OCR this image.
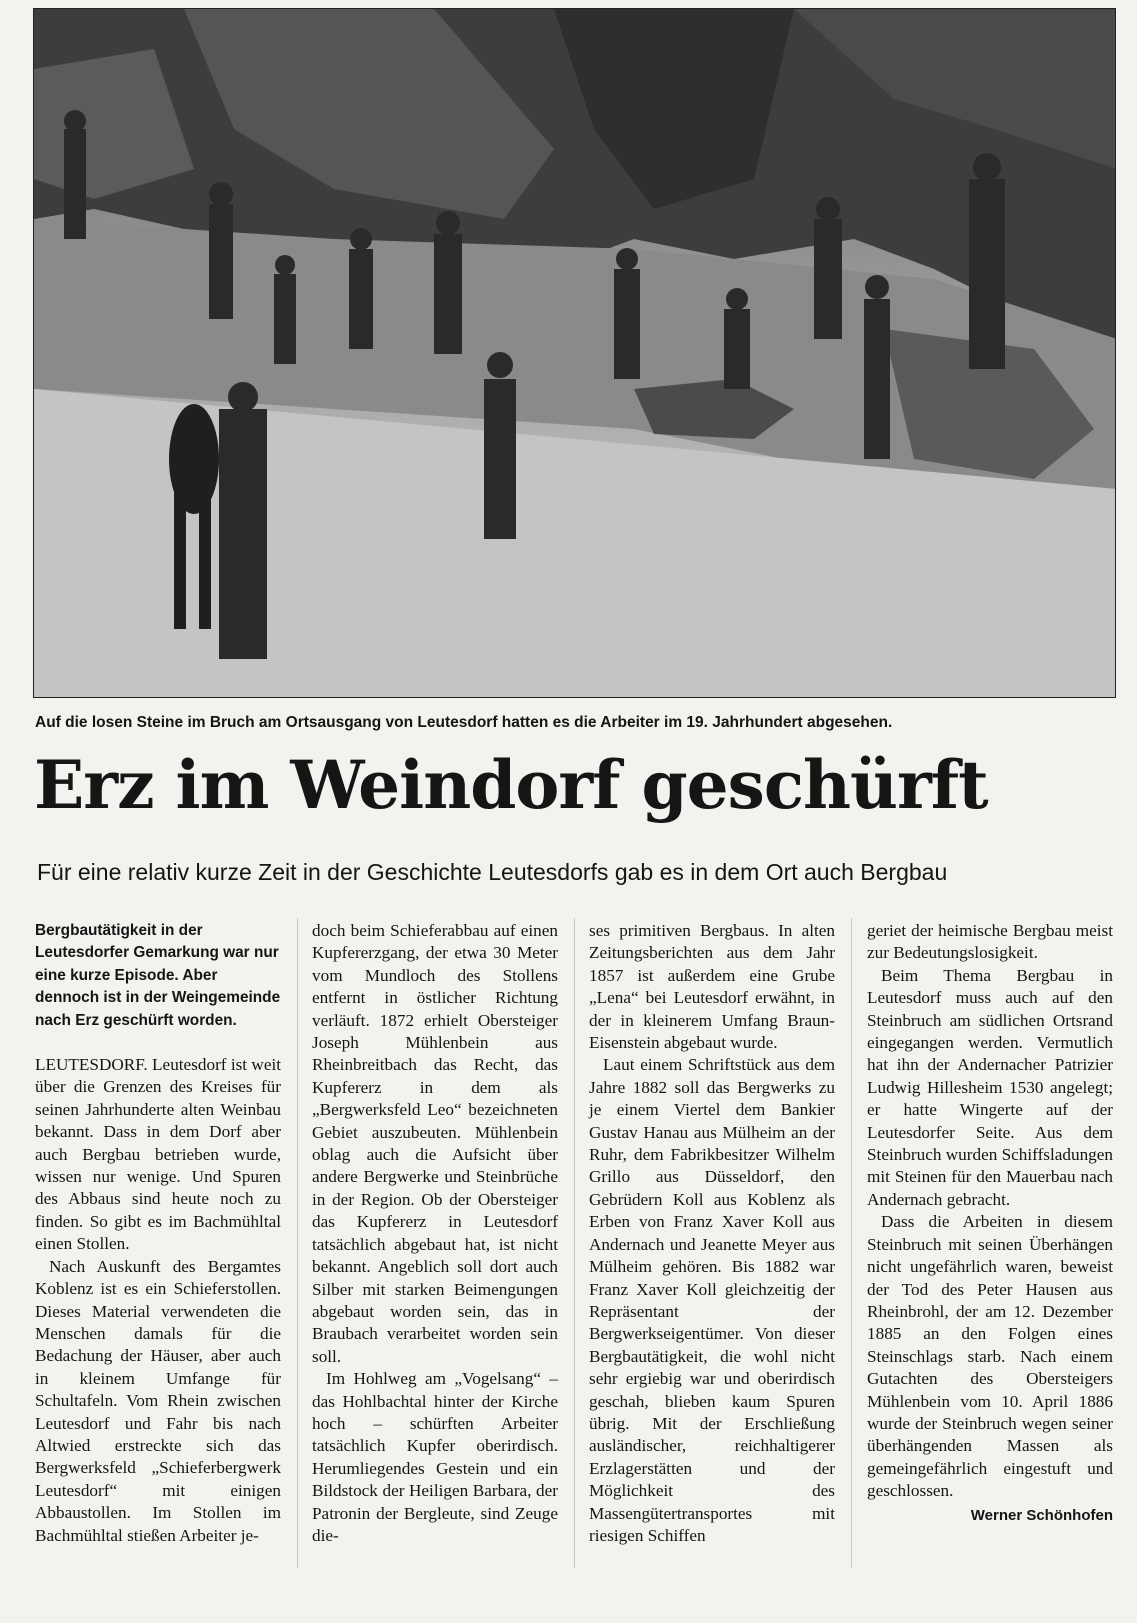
Auf die losen Steine im Bruch am Ortsausgang von Leutesdorf hatten es die Arbeiter im 19. Jahrhundert abgesehen.
Erz im Weindorf geschürft
Für eine relativ kurze Zeit in der Geschichte Leutesdorfs gab es in dem Ort auch Bergbau
Bergbautätigkeit in der Leutesdorfer Gemarkung war nur eine kurze Episode. Aber dennoch ist in der Weingemeinde nach Erz geschürft worden.

LEUTESDORF. Leutesdorf ist weit über die Grenzen des Kreises für seinen Jahrhunderte alten Weinbau bekannt. Dass in dem Dorf aber auch Bergbau betrieben wurde, wissen nur wenige. Und Spuren des Abbaus sind heute noch zu finden. So gibt es im Bachmühltal einen Stollen.

Nach Auskunft des Bergamtes Koblenz ist es ein Schieferstollen. Dieses Material verwendeten die Menschen damals für die Bedachung der Häuser, aber auch in kleinem Umfange für Schultafeln. Vom Rhein zwischen Leutesdorf und Fahr bis nach Altwied erstreckte sich das Bergwerksfeld „Schieferbergwerk Leutesdorf“ mit einigen Abbaustollen. Im Stollen im Bachmühltal stießen Arbeiter je-

doch beim Schieferabbau auf einen Kupfererzgang, der etwa 30 Meter vom Mundloch des Stollens entfernt in östlicher Richtung verläuft. 1872 erhielt Obersteiger Joseph Mühlenbein aus Rheinbreitbach das Recht, das Kupfererz in dem als „Bergwerksfeld Leo“ bezeichneten Gebiet auszubeuten. Mühlenbein oblag auch die Aufsicht über andere Bergwerke und Steinbrüche in der Region. Ob der Obersteiger das Kupfererz in Leutesdorf tatsächlich abgebaut hat, ist nicht bekannt. Angeblich soll dort auch Silber mit starken Beimengungen abgebaut worden sein, das in Braubach verarbeitet worden sein soll.

Im Hohlweg am „Vogelsang“ – das Hohlbachtal hinter der Kirche hoch – schürften Arbeiter tatsächlich Kupfer oberirdisch. Herumliegendes Gestein und ein Bildstock der Heiligen Barbara, der Patronin der Bergleute, sind Zeuge die-

ses primitiven Bergbaus. In alten Zeitungsberichten aus dem Jahr 1857 ist außerdem eine Grube „Lena“ bei Leutesdorf erwähnt, in der in kleinerem Umfang Braun-Eisenstein abgebaut wurde.

Laut einem Schriftstück aus dem Jahre 1882 soll das Bergwerks zu je einem Viertel dem Bankier Gustav Hanau aus Mülheim an der Ruhr, dem Fabrikbesitzer Wilhelm Grillo aus Düsseldorf, den Gebrüdern Koll aus Koblenz als Erben von Franz Xaver Koll aus Andernach und Jeanette Meyer aus Mülheim gehören. Bis 1882 war Franz Xaver Koll gleichzeitig der Repräsentant der Bergwerkseigentümer. Von dieser Bergbautätigkeit, die wohl nicht sehr ergiebig war und oberirdisch geschah, blieben kaum Spuren übrig. Mit der Erschließung ausländischer, reichhaltigerer Erzlagerstätten und der Möglichkeit des Massengütertransportes mit riesigen Schiffen

geriet der heimische Bergbau meist zur Bedeutungslosigkeit.

Beim Thema Bergbau in Leutesdorf muss auch auf den Steinbruch am südlichen Ortsrand eingegangen werden. Vermutlich hat ihn der Andernacher Patrizier Ludwig Hillesheim 1530 angelegt; er hatte Wingerte auf der Leutesdorfer Seite. Aus dem Steinbruch wurden Schiffsladungen mit Steinen für den Mauerbau nach Andernach gebracht.

Dass die Arbeiten in diesem Steinbruch mit seinen Überhängen nicht ungefährlich waren, beweist der Tod des Peter Hausen aus Rheinbrohl, der am 12. Dezember 1885 an den Folgen eines Steinschlags starb. Nach einem Gutachten des Obersteigers Mühlenbein vom 10. April 1886 wurde der Steinbruch wegen seiner überhängenden Massen als gemeingefährlich eingestuft und geschlossen.

Werner Schönhofen
